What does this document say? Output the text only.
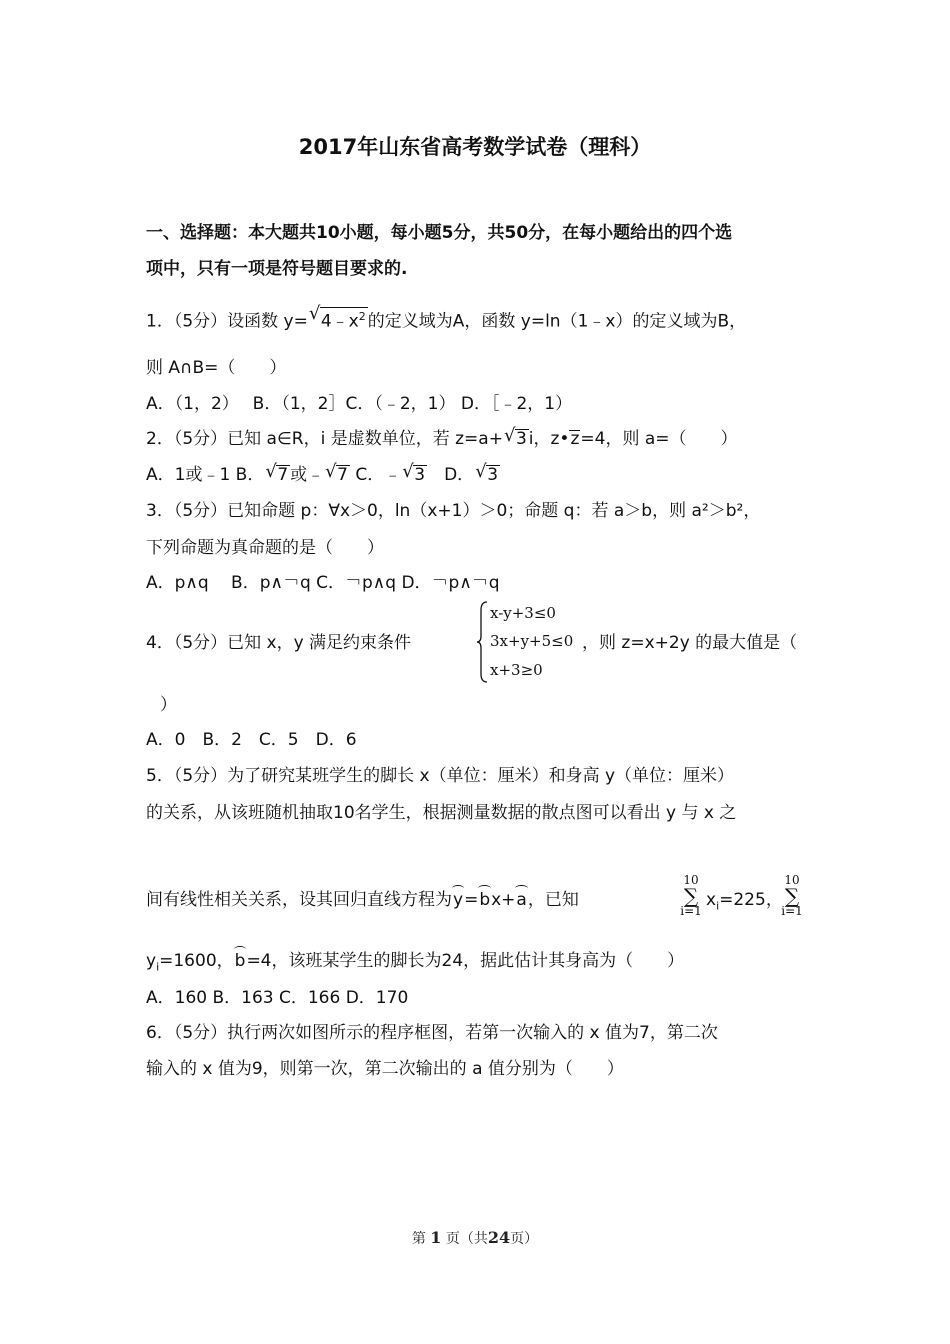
2017年山东省高考数学试卷（理科）
一、选择题：本大题共10小题，每小题5分，共50分，在每小题给出的四个选
项中，只有一项是符号题目要求的.
1．（5分）设函数 y= √ $4﹣x^2$ 的定义域为A，函数 y=ln（1﹣x）的定义域为B，
则 A∩B=（　　）
A．（1，2）　 B．（1，2］C．（﹣2，1） D．［﹣2，1）
2．（5分）已知 a∈R，i 是虚数单位，若 z=a+ √ 3 i，z•z=4，则 a=（　　）
A．1或﹣1 B． √ 7 或﹣ √ 7 C．﹣ √ 3　D． √ 3
3．（5分）已知命题 p：∀x＞0，ln（x+1）＞0；命题 q：若 a＞b，则 a²＞b²，
下列命题为真命题的是（　　）
A．p∧q　 B．p∧￢q C．￢p∧q D．￢p∧￢q
4．（5分）已知 x，y 满足约束条件
x-y+3≤0
3x+y+5≤0
x+3≥0
，则 z=x+2y 的最大值是（
）
A．0　B．2　C．5　D．6
5．（5分）为了研究某班学生的脚长 x（单位：厘米）和身高 y（单位：厘米）
的关系，从该班随机抽取10名学生，根据测量数据的散点图可以看出 y 与 x 之
间有线性相关关系，设其回归直线方程为y=bx+a，已知
10
∑
i=1
$x_i=225$，
10
∑
i=1
$y_i=1600$，b=4，该班某学生的脚长为24，据此估计其身高为（　　）
A．160 B．163 C．166 D．170
6．（5分）执行两次如图所示的程序框图，若第一次输入的 x 值为7，第二次
输入的 x 值为9，则第一次，第二次输出的 a 值分别为（　　）
第 1 页（共24页）
